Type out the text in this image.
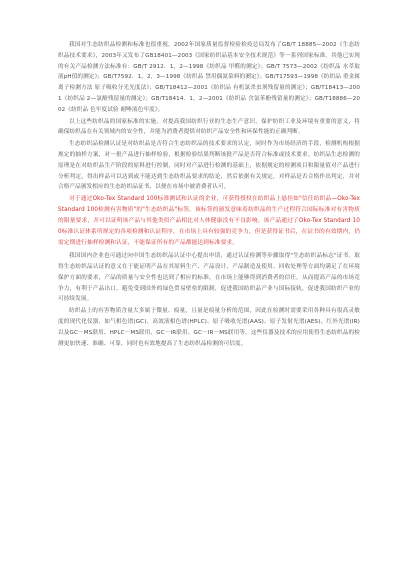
我国对生态纺织品检测和标准也很重视，2002年国家质量监督检验检疫总局发布了GB/T 18885—2002《生态纺织品技术要求》，2003年又发布了GB18401—2003《国家纺织品基本安全技术规范》等一系列国家标准。其他已实现的有关产品检测方法标准有：GB/T 2912．1，2—1998《纺织品 甲醛的测定》；GB/T 7573—2002《纺织品 水萃取液pH值的测定》；GB/T7592．1，2，3—1998《纺织品 禁用偶氮染料的测定》；GB/T17593—1998《纺织品 重金属离子检测方法 原子吸收分光光度法》；GB/T18412—2001《纺织品 有机氯杀虫剂残留量的测定》；GB/T18413—2001《纺织品 2—氯酚残留量的测定》；GB/T18414．1，2—2001《纺织品 含氯苯酚残留量的测定》；GB/T18886—2002《纺织品 色牢度试验 耐唾液色牢度》。

以上这些纺织品的国家标准的实施，对提高我国纺织行业的生态生产意识，保护纺织工业及环境有重要的意义，将确保纺织品在有关领域内的安全性，并能为消费者提供对纺织产品安全性和环保性能的正确判断。

生态纺织品检测认证是对纺织品是否符合生态纺织品的技术要求的认定，同时作为市场经济的手段，检测机构根据规定的抽样方案，对一批产品进行抽样检验，根据检验结果判断该批产品是否符合标准或技术要求。纺织品生态检测的原理是在对纺织品生产阶段的原料进行控制，同时对产品进行检测的基础上，依据规定的检测项目和限量值对产品进行分析判定，得出样品可以达到或不能达到生态纺织品要求的结论，然后依据有关规定，对样品是否合格作出判定，并对合格产品颁发相应的生态纺织品证书，以便在市场中被消费者认可。

对于通过Oko-Tex Standard 100标准测试和认证的企业，可获得授权在纺织品上悬挂如"信任纺织品—Oko-Tex Standard 100检测有害物质"的"生态纺织品"标签。该标签的颁发意味着纺织品的生产过程符合国际标准对有害物质的限量要求，并可以证明该产品与其他类似产品相比对人体健康没有不良影响。该产品通过了Oko-Tex Standard 100标准认证体系所规定的各项检测和认证程序，在市场上具有较强的竞争力，但是获得证书后，在证书的有效期内，仍需定期进行抽样检测和认证，不能保证所有的产品都能达到标准要求。

我国国内企业也可通过向中国生态纺织品认证中心提出申请，通过认证检测等步骤取得"生态纺织品标志"证书。取得生态纺织品认证的意义在于能证明产品在其原料生产、产品设计、产品制造及使用、回收处理等方面均满足了在环境保护方面的要求，产品的质量与安全性也达到了相应的标准，在市场上能够得到消费者的信任，从而提高产品的市场竞争力，有利于产品出口，避免受到国外的绿色贸易壁垒的限制，促进我国纺织品产业与国际接轨，促进我国纺织产业的可持续发展。

纺织品上的有害物质含量大多属于微量、痕量，且量是痕量分析的范围，因此在检测时需要采用各种具有很高灵敏度的现代化仪器，如气相色谱(GC)、高效液相色谱(HPLC)、原子吸收光谱(AAS)、原子发射光谱(AES)、红外光谱(IR)以及GC－MS联用、HPLC－MS联用、GC－IR联用、GC－IR－MS联用等。这些仪器及技术的应用使得生态纺织品的检测更加快速、准确、可靠，同时也有效地提高了生态纺织品检测的可信度。
